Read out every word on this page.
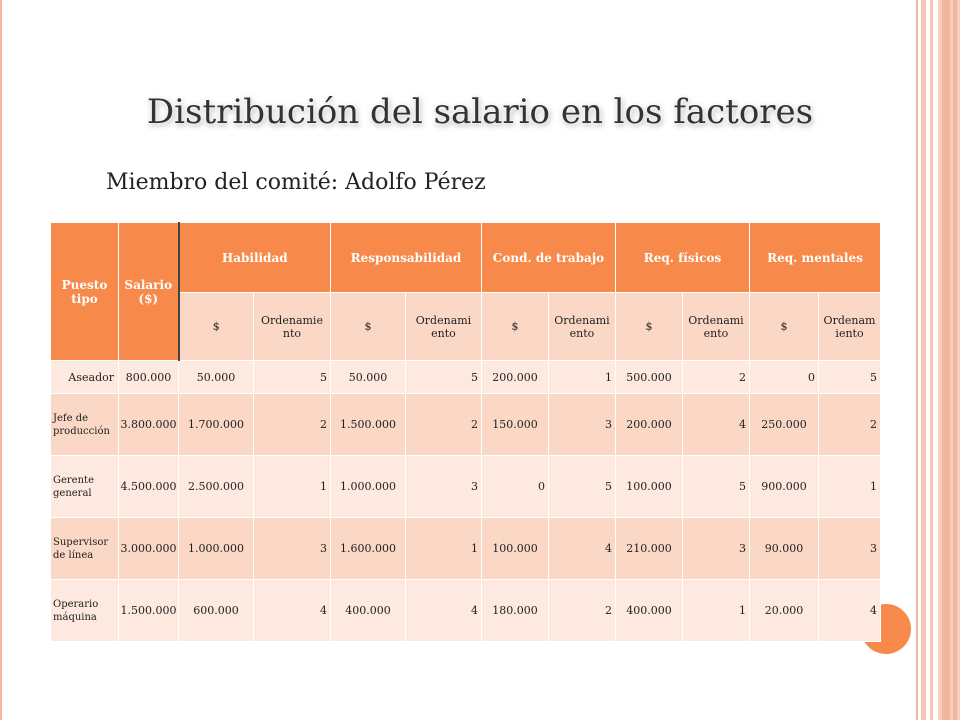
Distribución del salario en los factores
Miembro del comité: Adolfo Pérez
Puesto tipo	Salario ($)	Habilidad		Responsabilidad		Cond. de trabajo		Req. físicos		Req. mentales	
		$	Ordenamie nto	$	Ordenami ento	$	Ordenami ento	$	Ordenami ento	$	Ordenam iento
Aseador	800.000	50.000	5	50.000	5	200.000	1	500.000	2	0	5
Jefe de producción	3.800.000	1.700.000	2	1.500.000	2	150.000	3	200.000	4	250.000	2
Gerente general	4.500.000	2.500.000	1	1.000.000	3	0	5	100.000	5	900.000	1
Supervisor de línea	3.000.000	1.000.000	3	1.600.000	1	100.000	4	210.000	3	90.000	3
Operario máquina	1.500.000	600.000	4	400.000	4	180.000	2	400.000	1	20.000	4
